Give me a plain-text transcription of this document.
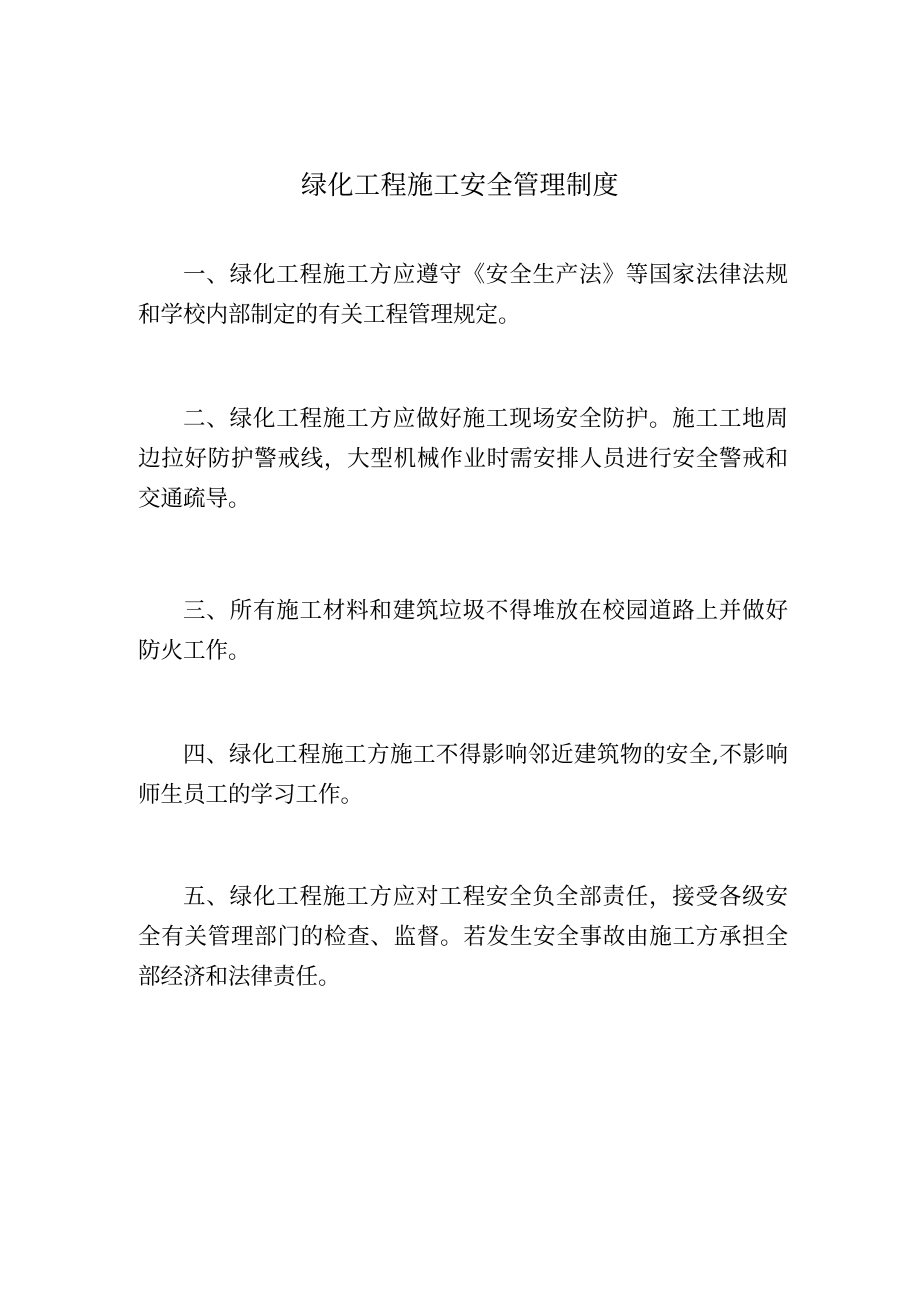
绿化工程施工安全管理制度

一、绿化工程施工方应遵守《安全生产法》等国家法律法规和学校内部制定的有关工程管理规定。

二、绿化工程施工方应做好施工现场安全防护。施工工地周边拉好防护警戒线，大型机械作业时需安排人员进行安全警戒和交通疏导。

三、所有施工材料和建筑垃圾不得堆放在校园道路上并做好防火工作。

四、绿化工程施工方施工不得影响邻近建筑物的安全,不影响师生员工的学习工作。

五、绿化工程施工方应对工程安全负全部责任，接受各级安全有关管理部门的检查、监督。若发生安全事故由施工方承担全部经济和法律责任。
